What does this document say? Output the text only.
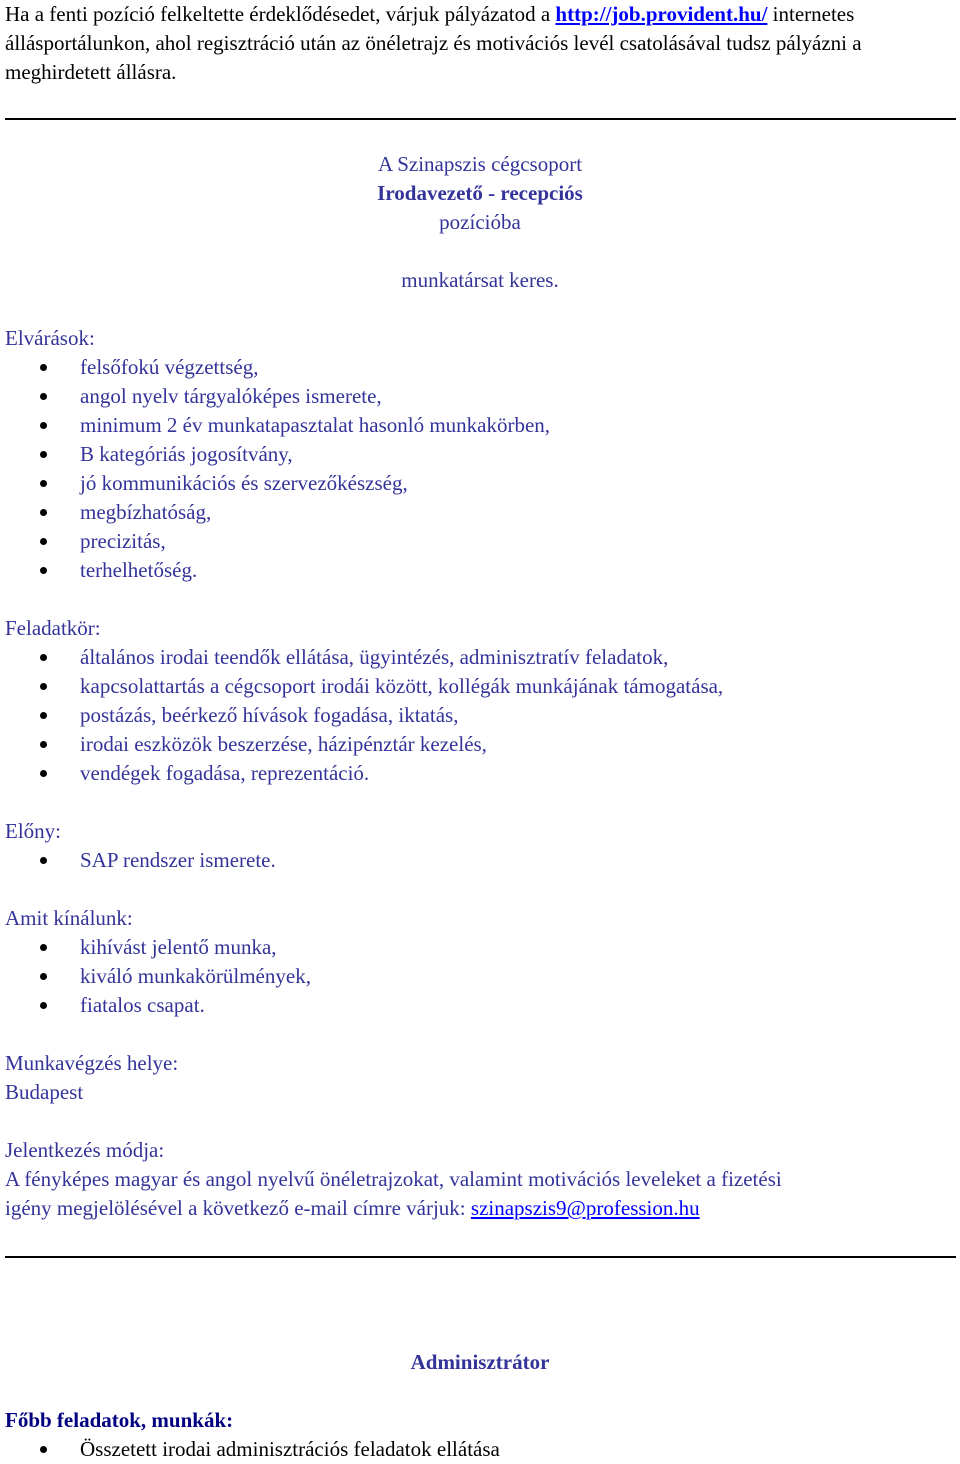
Ha a fenti pozíció felkeltette érdeklődésedet, várjuk pályázatod a http://job.provident.hu/ internetes állásportálunkon, ahol regisztráció után az önéletrajz és motivációs levél csatolásával tudsz pályázni a meghirdetett állásra.
A Szinapszis cégcsoport
Irodavezető - recepciós
pozícióba
munkatársat keres.
Elvárások:
felsőfokú végzettség,
angol nyelv tárgyalóképes ismerete,
minimum 2 év munkatapasztalat hasonló munkakörben,
B kategóriás jogosítvány,
jó kommunikációs és szervezőkészség,
megbízhatóság,
precizitás,
terhelhetőség.
Feladatkör:
általános irodai teendők ellátása, ügyintézés, adminisztratív feladatok,
kapcsolattartás a cégcsoport irodái között, kollégák munkájának támogatása,
postázás, beérkező hívások fogadása, iktatás,
irodai eszközök beszerzése, házipénztár kezelés,
vendégek fogadása, reprezentáció.
Előny:
SAP rendszer ismerete.
Amit kínálunk:
kihívást jelentő munka,
kiváló munkakörülmények,
fiatalos csapat.
Munkavégzés helye:
Budapest
Jelentkezés módja:
A fényképes magyar és angol nyelvű önéletrajzokat, valamint motivációs leveleket a fizetési
igény megjelölésével a következő e-mail címre várjuk: szinapszis9@profession.hu
Adminisztrátor
Főbb feladatok, munkák:
Összetett irodai adminisztrációs feladatok ellátása
